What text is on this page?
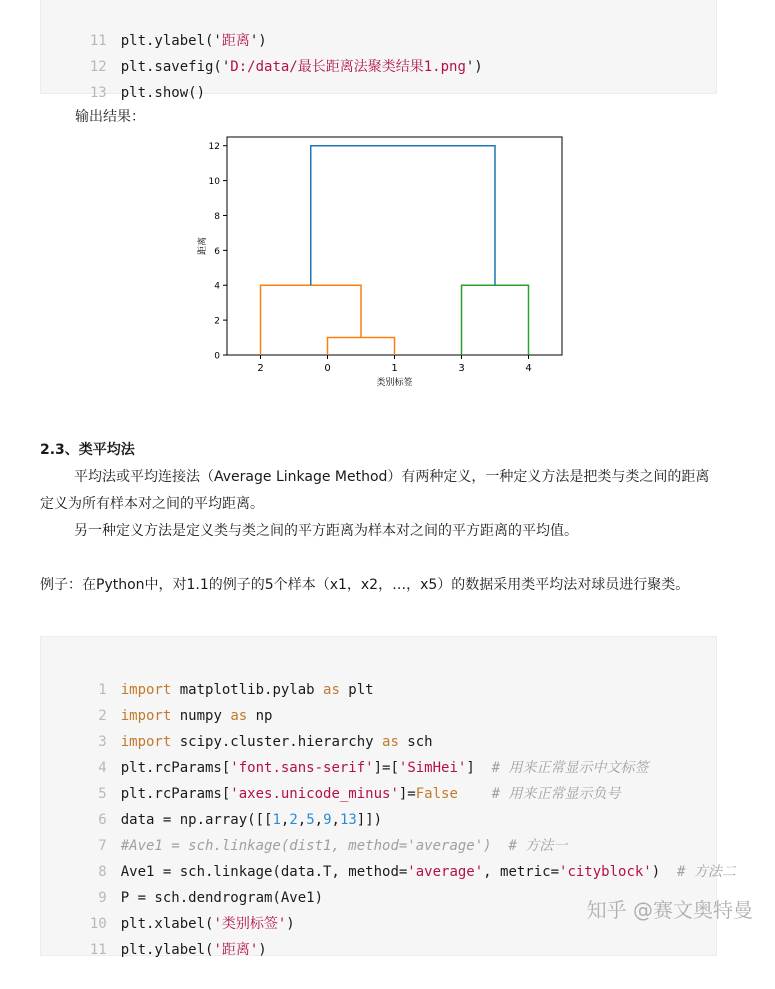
11 plt.ylabel('距离')

12 plt.savefig('D:/data/最长距离法聚类结果1.png')

13 plt.show()

输出结果：
0
2
4
6
8
10
12
2	0	1	3	4
类别标签
距离
2.3、类平均法
平均法或平均连接法（Average Linkage Method）有两种定义，一种定义方法是把类与类之间的距离定义为所有样本对之间的平均距离。
另一种定义方法是定义类与类之间的平方距离为样本对之间的平方距离的平均值。
例子：在Python中，对1.1的例子的5个样本（x1，x2，…，x5）的数据采用类平均法对球员进行聚类。

1 import matplotlib.pylab as plt

2 import numpy as np

3 import scipy.cluster.hierarchy as sch

4 plt.rcParams['font.sans-serif']=['SimHei']  # 用来正常显示中文标签

5 plt.rcParams['axes.unicode_minus']=False # 用来正常显示负号

6 data = np.array([[1,2,5,9,13]])

7 #Ave1 = sch.linkage(dist1, method='average')  # 方法一

8 Ave1 = sch.linkage(data.T, method='average', metric='cityblock')  # 方法二

9 P = sch.dendrogram(Ave1)

10 plt.xlabel('类别标签')

11 plt.ylabel('距离')

知乎 @赛文奥特曼
